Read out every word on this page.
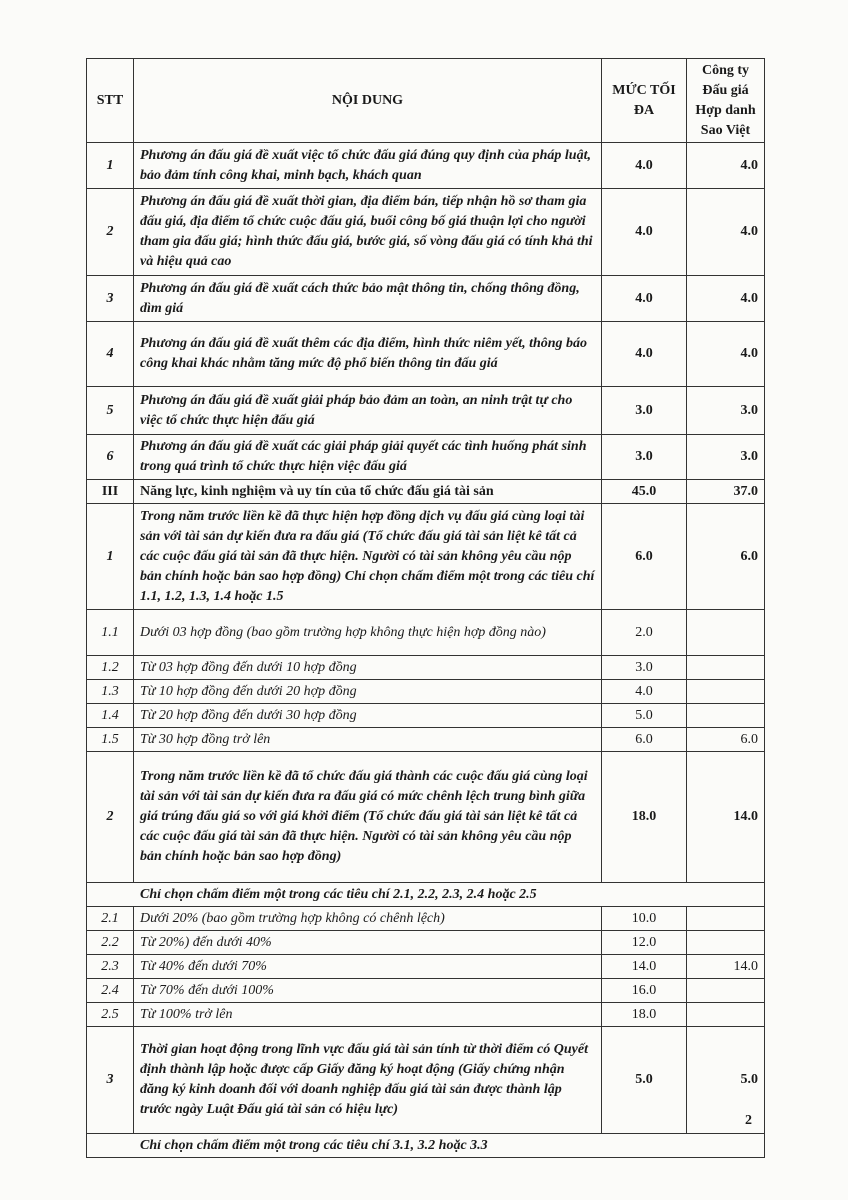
STT	NỘI DUNG	MỨC TỐI ĐA	Công ty Đấu giá Hợp danh Sao Việt
1	Phương án đấu giá đề xuất việc tổ chức đấu giá đúng quy định của pháp luật, bảo đảm tính công khai, minh bạch, khách quan	4.0	4.0
2	Phương án đấu giá đề xuất thời gian, địa điểm bán, tiếp nhận hồ sơ tham gia đấu giá, địa điểm tổ chức cuộc đấu giá, buổi công bố giá thuận lợi cho người tham gia đấu giá; hình thức đấu giá, bước giá, số vòng đấu giá có tính khả thi và hiệu quả cao	4.0	4.0
3	Phương án đấu giá đề xuất cách thức bảo mật thông tin, chống thông đồng, dìm giá	4.0	4.0
4	Phương án đấu giá đề xuất thêm các địa điểm, hình thức niêm yết, thông báo công khai khác nhằm tăng mức độ phổ biến thông tin đấu giá	4.0	4.0
5	Phương án đấu giá đề xuất giải pháp bảo đảm an toàn, an ninh trật tự cho việc tổ chức thực hiện đấu giá	3.0	3.0
6	Phương án đấu giá đề xuất các giải pháp giải quyết các tình huống phát sinh trong quá trình tổ chức thực hiện việc đấu giá	3.0	3.0
III	Năng lực, kinh nghiệm và uy tín của tổ chức đấu giá tài sản	45.0	37.0
1	Trong năm trước liền kề đã thực hiện hợp đồng dịch vụ đấu giá cùng loại tài sản với tài sản dự kiến đưa ra đấu giá (Tổ chức đấu giá tài sản liệt kê tất cả các cuộc đấu giá tài sản đã thực hiện. Người có tài sản không yêu cầu nộp bản chính hoặc bản sao hợp đồng) Chỉ chọn chấm điểm một trong các tiêu chí 1.1, 1.2, 1.3, 1.4 hoặc 1.5	6.0	6.0
1.1	Dưới 03 hợp đồng (bao gồm trường hợp không thực hiện hợp đồng nào)	2.0	
1.2	Từ 03 hợp đồng đến dưới 10 hợp đồng	3.0	
1.3	Từ 10 hợp đồng đến dưới 20 hợp đồng	4.0	
1.4	Từ 20 hợp đồng đến dưới 30 hợp đồng	5.0	
1.5	Từ 30 hợp đồng trở lên	6.0	6.0
2	Trong năm trước liền kề đã tổ chức đấu giá thành các cuộc đấu giá cùng loại tài sản với tài sản dự kiến đưa ra đấu giá có mức chênh lệch trung bình giữa giá trúng đấu giá so với giá khởi điểm (Tổ chức đấu giá tài sản liệt kê tất cả các cuộc đấu giá tài sản đã thực hiện. Người có tài sản không yêu cầu nộp bản chính hoặc bản sao hợp đồng)	18.0	14.0
Chỉ chọn chấm điểm một trong các tiêu chí 2.1, 2.2, 2.3, 2.4 hoặc 2.5			
2.1	Dưới 20% (bao gồm trường hợp không có chênh lệch)	10.0	
2.2	Từ 20%) đến dưới 40%	12.0	
2.3	Từ 40% đến dưới 70%	14.0	14.0
2.4	Từ 70% đến dưới 100%	16.0	
2.5	Từ 100% trở lên	18.0	
3	Thời gian hoạt động trong lĩnh vực đấu giá tài sản tính từ thời điểm có Quyết định thành lập hoặc được cấp Giấy đăng ký hoạt động (Giấy chứng nhận đăng ký kinh doanh đối với doanh nghiệp đấu giá tài sản được thành lập trước ngày Luật Đấu giá tài sản có hiệu lực)	5.0	5.0
Chỉ chọn chấm điểm một trong các tiêu chí 3.1, 3.2 hoặc 3.3			
2
